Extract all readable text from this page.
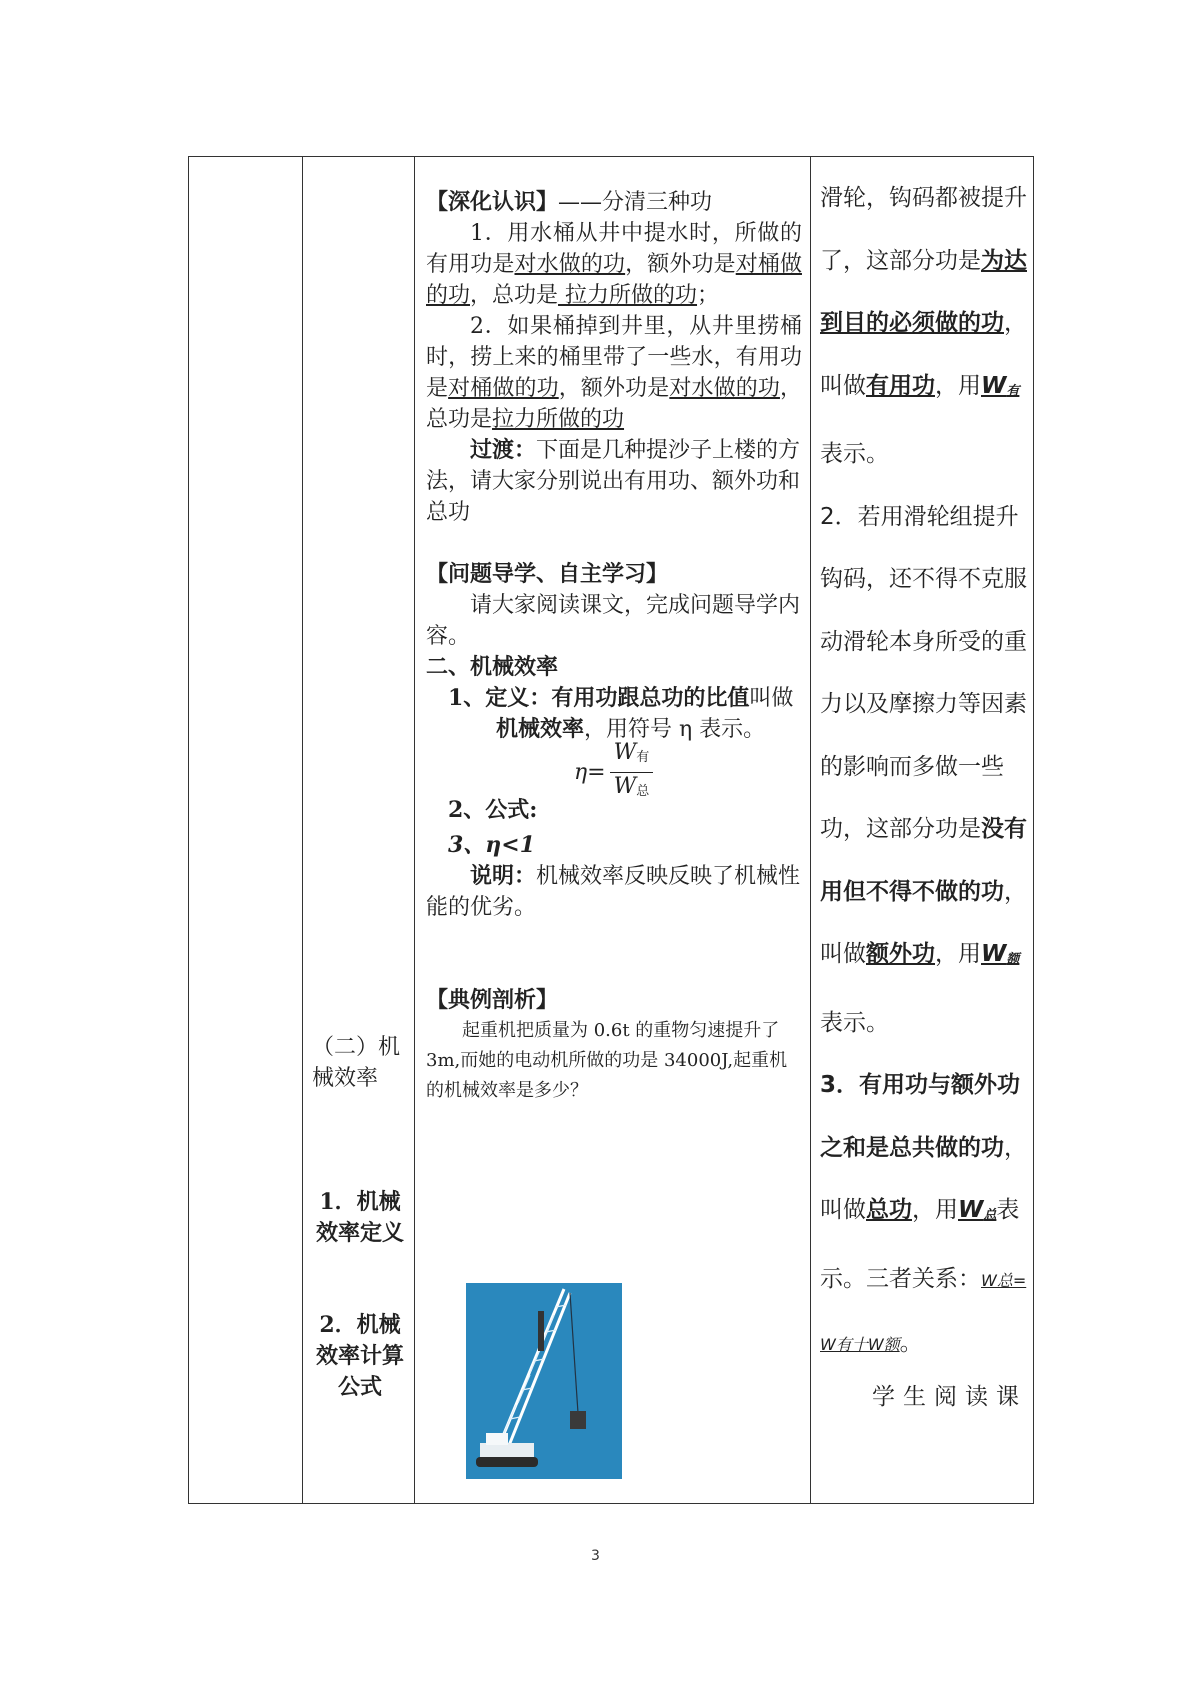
（二）机械效率
1．机械效率定义
2．机械效率计算公式

【深化认识】——分清三种功

1．用水桶从井中提水时，所做的有用功是对水做的功，额外功是对桶做的功，总功是 拉力所做的功；

2．如果桶掉到井里，从井里捞桶时，捞上来的桶里带了一些水，有用功是对桶做的功，额外功是对水做的功，总功是拉力所做的功

过渡：下面是几种提沙子上楼的方法，请大家分别说出有用功、额外功和总功

【问题导学、自主学习】

请大家阅读课文，完成问题导学内容。

二、机械效率

1、定义：有用功跟总功的比值叫做机械效率，用符号 η 表示。

$\eta= \frac{\text{W有}}{\text{W总}}$

2、公式:

3、η<1

说明：机械效率反映反映了机械性能的优劣。

【典例剖析】

起重机把质量为 0.6t 的重物匀速提升了 3m,而她的电动机所做的功是 34000J,起重机的机械效率是多少？

滑轮，钩码都被提升了，这部分功是为达到目的必须做的功，叫做有用功，用W有表示。
2．若用滑轮组提升钩码，还不得不克服动滑轮本身所受的重力以及摩擦力等因素的影响而多做一些功，这部分功是没有用但不得不做的功，叫做额外功，用W额表示。
3．有用功与额外功之和是总共做的功，叫做总功，用W总表示。三者关系：W总= W有十W额。
学生阅读课
3
